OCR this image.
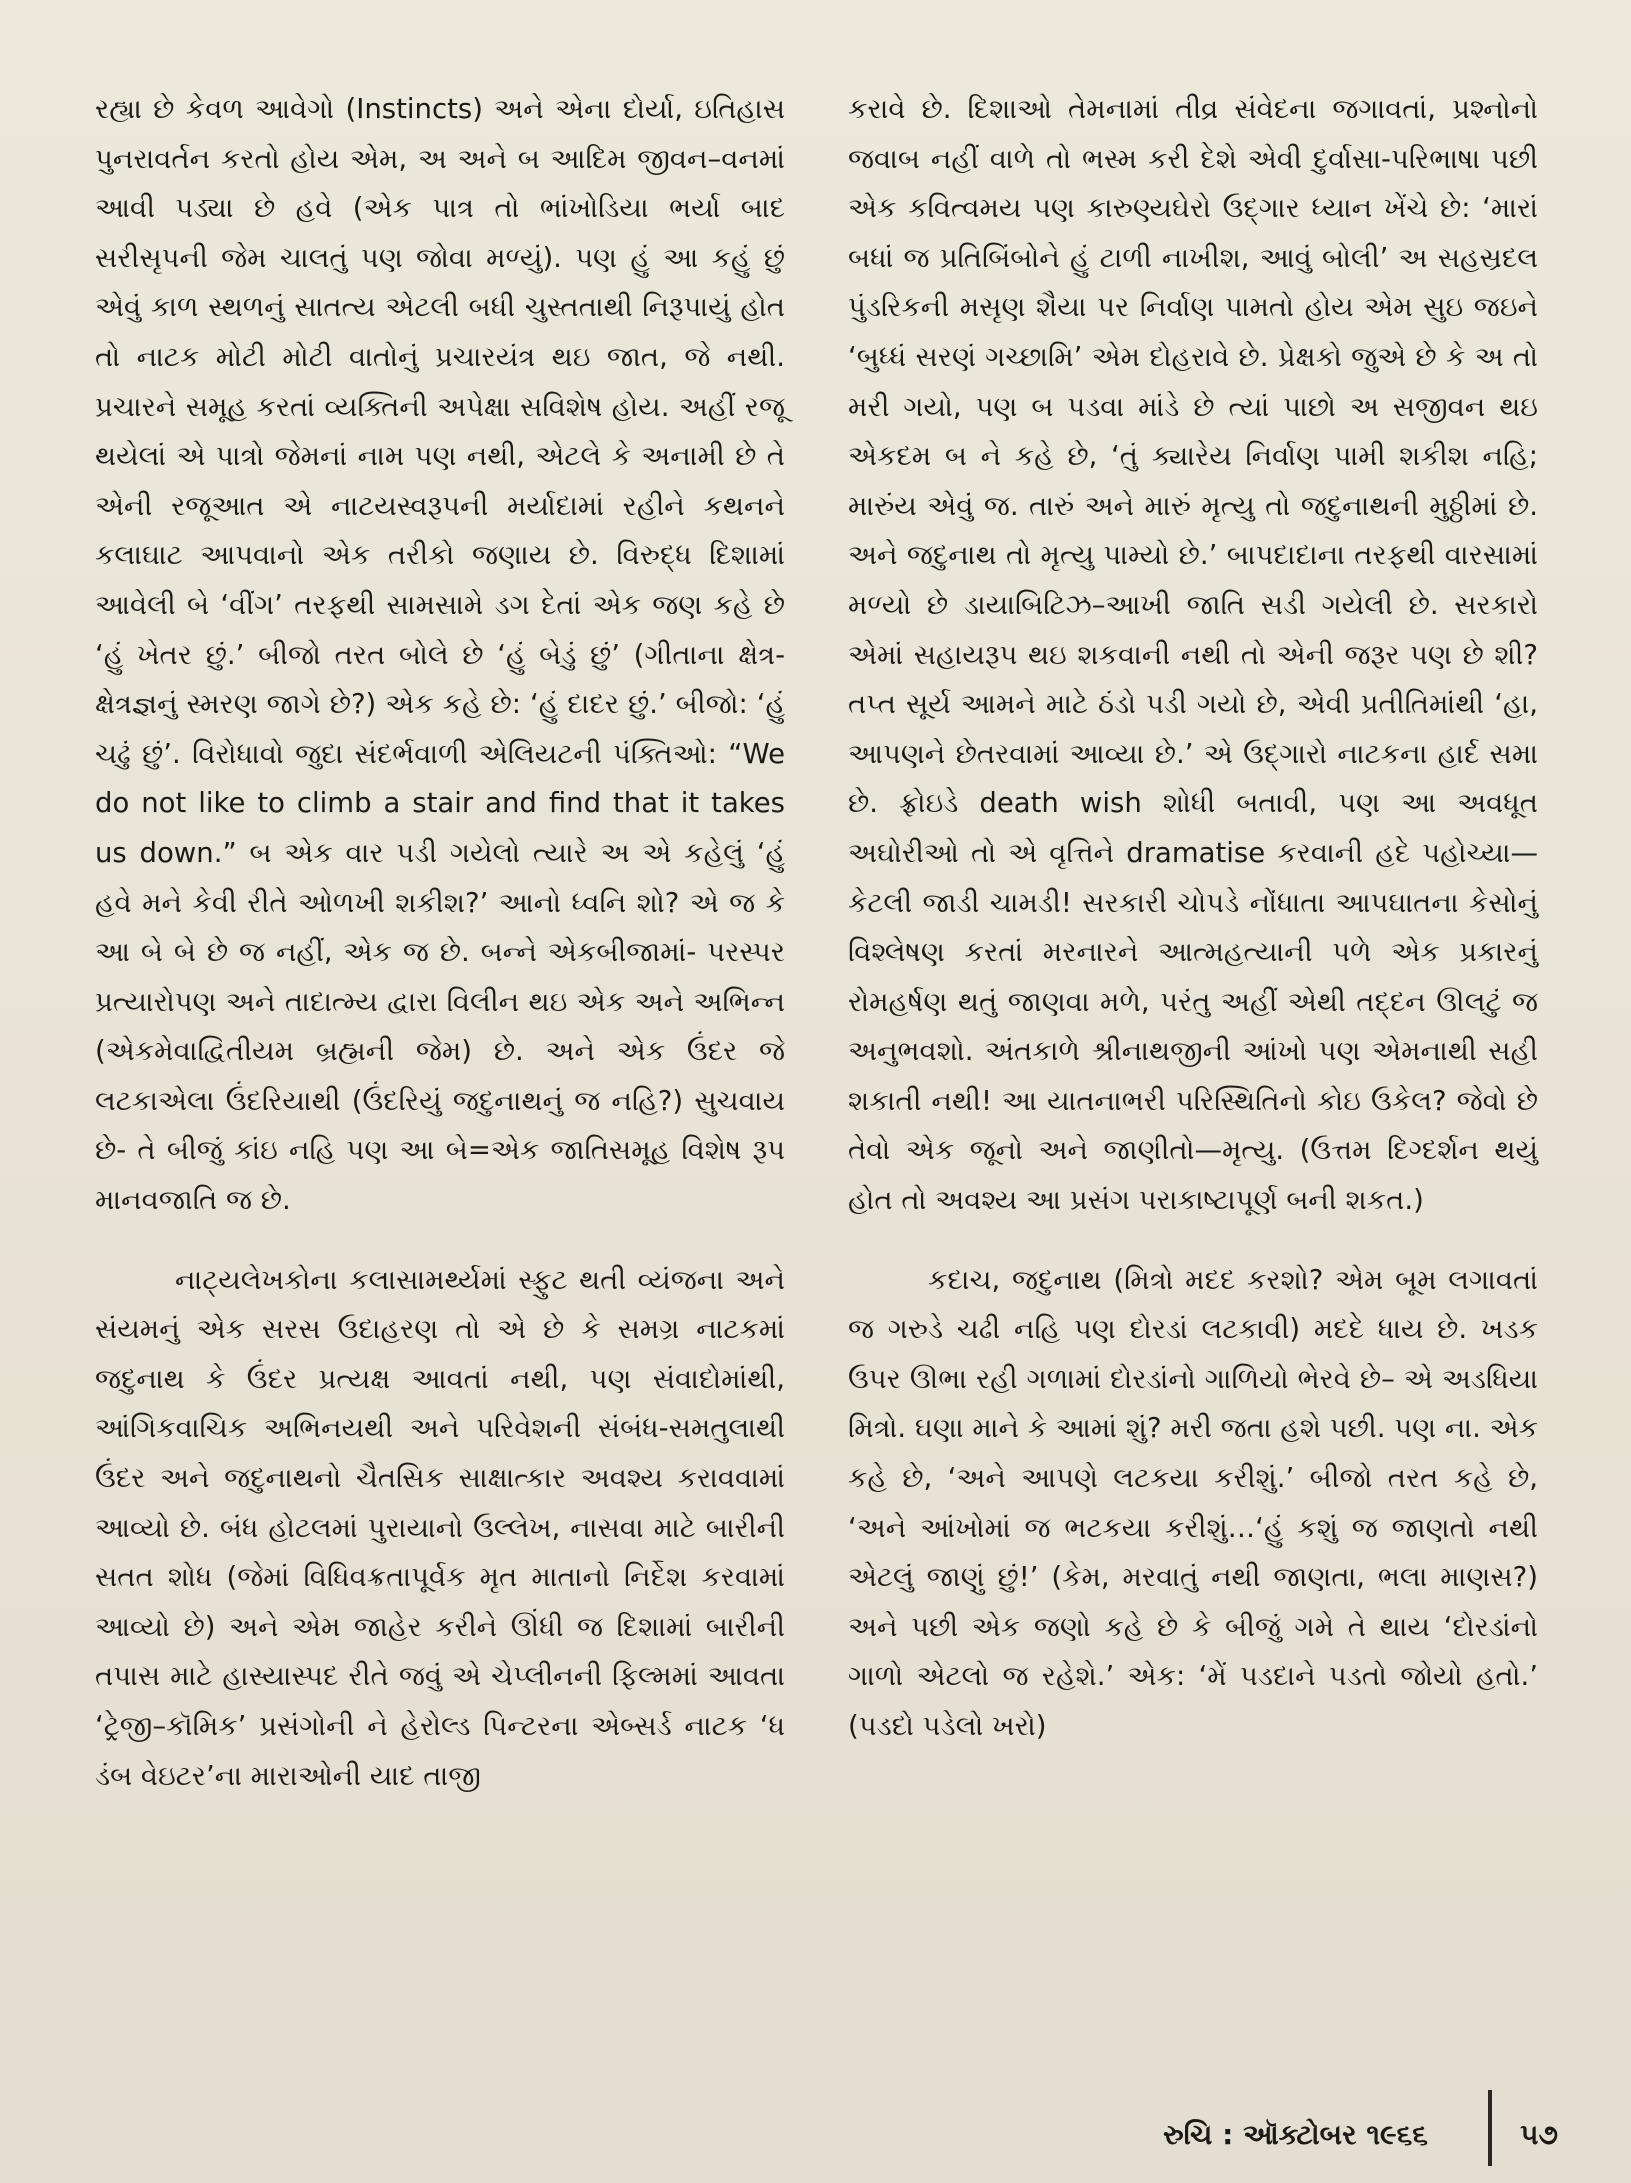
રહ્યા છે કેવળ આવેગો (Instincts) અને એના દોર્યા, ઇતિહાસ પુનરાવર્તન કરતો હોય એમ, અ અને બ આદિમ જીવન–વનમાં આવી પડ્યા છે હવે (એક પાત્ર તો ભાંખોડિયા ભર્યા બાદ સરીસૃપની જેમ ચાલતું પણ જોવા મળ્યું). પણ હું આ કહું છું એવું કાળ સ્થળનું સાતત્ય એટલી બધી ચુસ્તતાથી નિરૂપાયું હોત તો નાટક મોટી મોટી વાતોનું પ્રચારયંત્ર થઇ જાત, જે નથી. પ્રચારને સમૂહ કરતાં વ્યક્તિની અપેક્ષા સવિશેષ હોય. અહીં રજૂ થયેલાં એ પાત્રો જેમનાં નામ પણ નથી, એટલે કે અનામી છે તે એની રજૂઆત એ નાટયસ્વરૂપની મર્યાદામાં રહીને કથનને કલાઘાટ આપવાનો એક તરીકો જણાય છે. વિરુદ્ધ દિશામાં આવેલી બે ‘વીંગ’ તરફથી સામસામે ડગ દેતાં એક જણ કહે છે ‘હું ખેતર છું.’ બીજો તરત બોલે છે ‘હું બેડું છું’ (ગીતાના ક્ષેત્ર-ક્ષેત્રજ્ઞનું સ્મરણ જાગે છે?) એક કહે છે: ‘હું દાદર છું.’ બીજો: ‘હું ચઢું છું’. વિરોધાવો જુદા સંદર્ભવાળી એલિયટની પંક્તિઓ: “We do not like to climb a stair and find that it takes us down.” બ એક વાર પડી ગયેલો ત્યારે અ એ કહેલું ‘હું હવે મને કેવી રીતે ઓળખી શકીશ?’ આનો ધ્વનિ શો? એ જ કે આ બે બે છે જ નહીં, એક જ છે. બન્ને એકબીજામાં- પરસ્પર પ્રત્યારોપણ અને તાદાત્મ્ય દ્વારા વિલીન થઇ એક અને અભિન્ન (એકમેવાદ્વિતીયમ બ્રહ્મની જેમ) છે. અને એક ઉંદર જે લટકાએલા ઉંદરિયાથી (ઉંદરિયું જદુનાથનું જ નહિ?) સુચવાય છે- તે બીજું કાંઇ નહિ પણ આ બે=એક જાતિસમૂહ વિશેષ રૂપ માનવજાતિ જ છે.

નાટ્યલેખકોના કલાસામર્થ્યમાં સ્ફુટ થતી વ્યંજના અને સંયમનું એક સરસ ઉદાહરણ તો એ છે કે સમગ્ર નાટકમાં જદુનાથ કે ઉંદર પ્રત્યક્ષ આવતાં નથી, પણ સંવાદોમાંથી, આંગિકવાચિક અભિનયથી અને પરિવેશની સંબંધ-સમતુલાથી ઉંદર અને જદુનાથનો ચૈતસિક સાક્ષાત્કાર અવશ્ય કરાવવામાં આવ્યો છે. બંધ હોટલમાં પુરાયાનો ઉલ્લેખ, નાસવા માટે બારીની સતત શોધ (જેમાં વિધિવક્રતાપૂર્વક મૃત માતાનો નિર્દેશ કરવામાં આવ્યો છે) અને એમ જાહેર કરીને ઊંધી જ દિશામાં બારીની તપાસ માટે હાસ્યાસ્પદ રીતે જવું એ ચેપ્લીનની ફિલ્મમાં આવતા ‘ટ્રેજી–કૉમિક’ પ્રસંગોની ને હેરોલ્ડ પિન્ટરના એબ્સર્ડ નાટક ‘ધ ડંબ વેઇટર’ના મારાઓની યાદ તાજી

કરાવે છે. દિશાઓ તેમનામાં તીવ્ર સંવેદના જગાવતાં, પ્રશ્નોનો જવાબ નહીં વાળે તો ભસ્મ કરી દેશે એવી દુર્વાસા-પરિભાષા પછી એક કવિત્વમય પણ કારુણ્યઘેરો ઉદ્ગાર ધ્યાન ખેંચે છે: ‘મારાં બધાં જ પ્રતિબિંબોને હું ટાળી નાખીશ, આવું બોલી’ અ સહસ્રદલ પુંડરિકની મસૃણ શૈયા પર નિર્વાણ પામતો હોય એમ સુઇ જઇને ‘બુધ્ધં સરણં ગચ્છામિ’ એમ દોહરાવે છે. પ્રેક્ષકો જુએ છે કે અ તો મરી ગયો, પણ બ પડવા માંડે છે ત્યાં પાછો અ સજીવન થઇ એકદમ બ ને કહે છે, ‘તું ક્યારેય નિર્વાણ પામી શકીશ નહિ; મારુંય એવું જ. તારું અને મારું મૃત્યુ તો જદુનાથની મુઠ્ઠીમાં છે. અને જદુનાથ તો મૃત્યુ પામ્યો છે.’ બાપદાદાના તરફથી વારસામાં મળ્યો છે ડાયાબિટિઝ–આખી જાતિ સડી ગયેલી છે. સરકારો એમાં સહાયરૂપ થઇ શકવાની નથી તો એની જરૂર પણ છે શી? તપ્ત સૂર્ય આમને માટે ઠંડો પડી ગયો છે, એવી પ્રતીતિમાંથી ‘હા, આપણને છેતરવામાં આવ્યા છે.’ એ ઉદ્ગારો નાટકના હાર્દ સમા છે. ફ્રોઇડે death wish શોધી બતાવી, પણ આ અવધૂત અઘોરીઓ તો એ વૃત્તિને dramatise કરવાની હદે પહોચ્યા—કેટલી જાડી ચામડી! સરકારી ચોપડે નોંધાતા આપઘાતના કેસોનું વિશ્લેષણ કરતાં મરનારને આત્મહત્યાની પળે એક પ્રકારનું રોમહર્ષણ થતું જાણવા મળે, પરંતુ અહીં એથી તદ્દન ઊલટું જ અનુભવશો. અંતકાળે શ્રીનાથજીની આંખો પણ એમનાથી સહી શકાતી નથી! આ યાતનાભરી પરિસ્થિતિનો કોઇ ઉકેલ? જેવો છે તેવો એક જૂનો અને જાણીતો—મૃત્યુ. (ઉત્તમ દિગ્દર્શન થયું હોત તો અવશ્ય આ પ્રસંગ પરાકાષ્ટાપૂર્ણ બની શકત.)

કદાચ, જદુનાથ (મિત્રો મદદ કરશો? એમ બૂમ લગાવતાં જ ગરુડે ચઢી નહિ પણ દોરડાં લટકાવી) મદદે ધાય છે. ખડક ઉપર ઊભા રહી ગળામાં દોરડાંનો ગાળિયો ભેરવે છે– એ અડધિયા મિત્રો. ઘણા માને કે આમાં શું? મરી જતા હશે પછી. પણ ના. એક કહે છે, ‘અને આપણે લટકયા કરીશું.’ બીજો તરત કહે છે, ‘અને આંખોમાં જ ભટકયા કરીશું…‘હું કશું જ જાણતો નથી એટલું જાણું છું!’ (કેમ, મરવાતું નથી જાણતા, ભલા માણસ?) અને પછી એક જણો કહે છે કે બીજું ગમે તે થાય ‘દોરડાંનો ગાળો એટલો જ રહેશે.’ એક: ‘મેં પડદાને પડતો જોયો હતો.’ (પડદો પડેલો ખરો)

રુચિ : ઑક્ટોબર ૧૯૬૬	૫૭
